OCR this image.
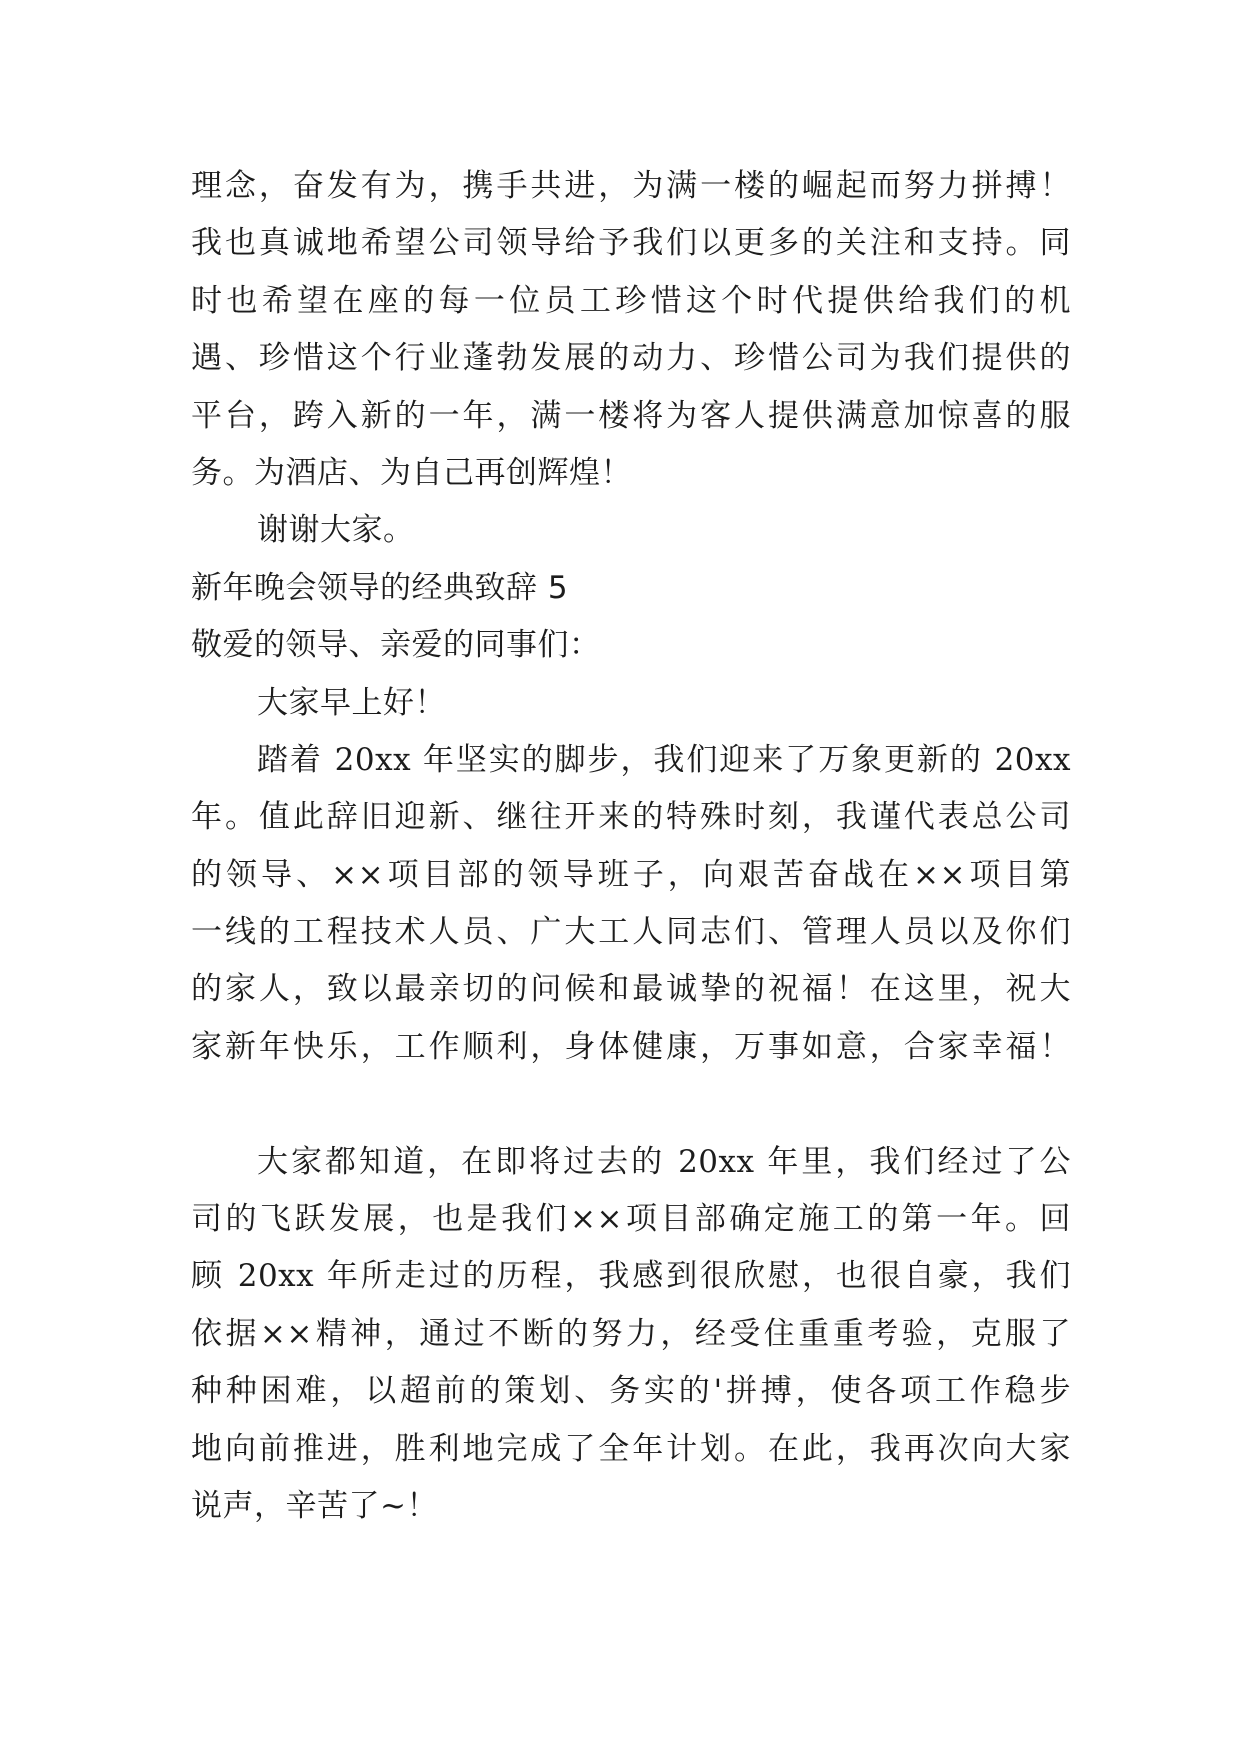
理念，奋发有为，携手共进，为满一楼的崛起而努力拼搏！
我也真诚地希望公司领导给予我们以更多的关注和支持。同
时也希望在座的每一位员工珍惜这个时代提供给我们的机
遇、珍惜这个行业蓬勃发展的动力、珍惜公司为我们提供的
平台，跨入新的一年，满一楼将为客人提供满意加惊喜的服
务。为酒店、为自己再创辉煌！
谢谢大家。
新年晚会领导的经典致辞 5
敬爱的领导、亲爱的同事们：
大家早上好！
踏着 20xx 年坚实的脚步，我们迎来了万象更新的 20xx
年。值此辞旧迎新、继往开来的特殊时刻，我谨代表总公司
的领导、××项目部的领导班子，向艰苦奋战在××项目第
一线的工程技术人员、广大工人同志们、管理人员以及你们
的家人，致以最亲切的问候和最诚挚的祝福！在这里，祝大
家新年快乐，工作顺利，身体健康，万事如意，合家幸福！
大家都知道，在即将过去的 20xx 年里，我们经过了公
司的飞跃发展，也是我们××项目部确定施工的第一年。回
顾 20xx 年所走过的历程，我感到很欣慰，也很自豪，我们
依据××精神，通过不断的努力，经受住重重考验，克服了
种种困难，以超前的策划、务实的'拼搏，使各项工作稳步
地向前推进，胜利地完成了全年计划。在此，我再次向大家
说声，辛苦了~！
